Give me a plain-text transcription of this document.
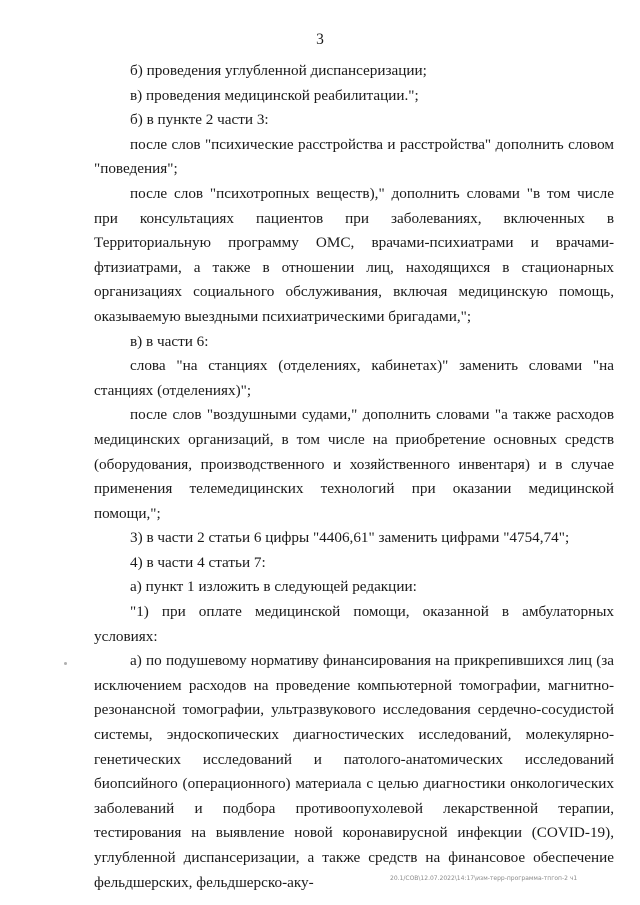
3

б) проведения углубленной диспансеризации;

в) проведения медицинской реабилитации.";

б) в пункте 2 части 3:

после слов "психические расстройства и расстройства" дополнить словом "поведения";

после слов "психотропных веществ)," дополнить словами "в том числе при консультациях пациентов при заболеваниях, включенных в Территориальную программу ОМС, врачами-психиатрами и врачами-фтизиатрами, а также в отношении лиц, находящихся в стационарных организациях социального обслуживания, включая медицинскую помощь, оказываемую выездными психиатрическими бригадами,";

в) в части 6:

слова "на станциях (отделениях, кабинетах)" заменить словами "на станциях (отделениях)";

после слов "воздушными судами," дополнить словами "а также расходов медицинских организаций, в том числе на приобретение основных средств (оборудования, производственного и хозяйственного инвентаря) и в случае применения телемедицинских технологий при оказании медицинской помощи,";

3) в части 2 статьи 6 цифры "4406,61" заменить цифрами "4754,74";

4) в части 4 статьи 7:

а) пункт 1 изложить в следующей редакции:

"1) при оплате медицинской помощи, оказанной в амбулаторных условиях:

а) по подушевому нормативу финансирования на прикрепившихся лиц (за исключением расходов на проведение компьютерной томографии, магнитно-резонансной томографии, ультразвукового исследования сердечно-сосудистой системы, эндоскопических диагностических исследований, молекулярно-генетических исследований и патолого-анатомических исследований биопсийного (операционного) материала с целью диагностики онкологических заболеваний и подбора противоопухолевой лекарственной терапии, тестирования на выявление новой коронавирусной инфекции (COVID-19), углубленной диспансеризации, а также средств на финансовое обеспечение фельдшерских, фельдшерско-аку-	20.1/COB\12.07.2022\14:17\изм-терр-программа-тпгоп-2 ч1
